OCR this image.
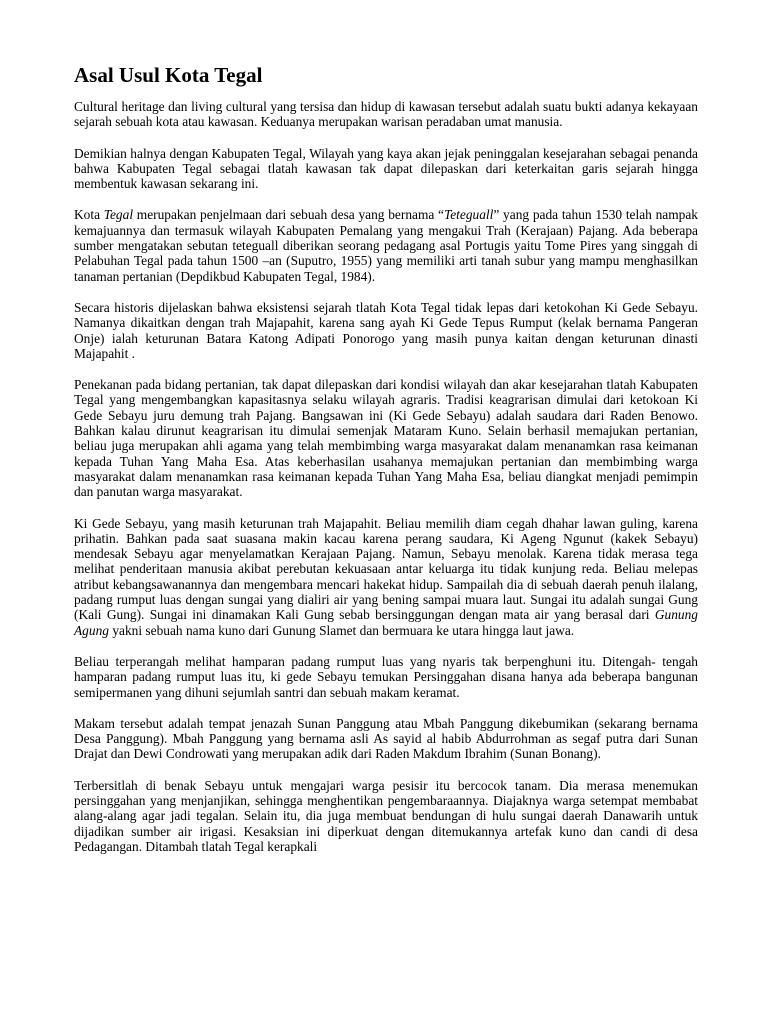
Asal Usul Kota Tegal

Cultural heritage dan living cultural yang tersisa dan hidup di kawasan tersebut adalah suatu bukti adanya kekayaan sejarah sebuah kota atau kawasan. Keduanya merupakan warisan peradaban umat manusia.

Demikian halnya dengan Kabupaten Tegal, Wilayah yang kaya akan jejak peninggalan kesejarahan sebagai penanda bahwa Kabupaten Tegal sebagai tlatah kawasan tak dapat dilepaskan dari keterkaitan garis sejarah hingga membentuk kawasan sekarang ini.

Kota Tegal merupakan penjelmaan dari sebuah desa yang bernama “Teteguall” yang pada tahun 1530 telah nampak kemajuannya dan termasuk wilayah Kabupaten Pemalang yang mengakui Trah (Kerajaan) Pajang. Ada beberapa sumber mengatakan sebutan teteguall diberikan seorang pedagang asal Portugis yaitu Tome Pires yang singgah di Pelabuhan Tegal pada tahun 1500 –an (Suputro, 1955) yang memiliki arti tanah subur yang mampu menghasilkan tanaman pertanian (Depdikbud Kabupaten Tegal, 1984).

Secara historis dijelaskan bahwa eksistensi sejarah tlatah Kota Tegal tidak lepas dari ketokohan Ki Gede Sebayu. Namanya dikaitkan dengan trah Majapahit, karena sang ayah Ki Gede Tepus Rumput (kelak bernama Pangeran Onje) ialah keturunan Batara Katong Adipati Ponorogo yang masih punya kaitan dengan keturunan dinasti Majapahit .

Penekanan pada bidang pertanian, tak dapat dilepaskan dari kondisi wilayah dan akar kesejarahan tlatah Kabupaten Tegal yang mengembangkan kapasitasnya selaku wilayah agraris. Tradisi keagrarisan dimulai dari ketokoan Ki Gede Sebayu juru demung trah Pajang. Bangsawan ini (Ki Gede Sebayu) adalah saudara dari Raden Benowo. Bahkan kalau dirunut keagrarisan itu dimulai semenjak Mataram Kuno. Selain berhasil memajukan pertanian, beliau juga merupakan ahli agama yang telah membimbing warga masyarakat dalam menanamkan rasa keimanan kepada Tuhan Yang Maha Esa. Atas keberhasilan usahanya memajukan pertanian dan membimbing warga masyarakat dalam menanamkan rasa keimanan kepada Tuhan Yang Maha Esa, beliau diangkat menjadi pemimpin dan panutan warga masyarakat.

Ki Gede Sebayu, yang masih keturunan trah Majapahit. Beliau memilih diam cegah dhahar lawan guling, karena prihatin. Bahkan pada saat suasana makin kacau karena perang saudara, Ki Ageng Ngunut (kakek Sebayu) mendesak Sebayu agar menyelamatkan Kerajaan Pajang. Namun, Sebayu menolak. Karena tidak merasa tega melihat penderitaan manusia akibat perebutan kekuasaan antar keluarga itu tidak kunjung reda. Beliau melepas atribut kebangsawanannya dan mengembara mencari hakekat hidup. Sampailah dia di sebuah daerah penuh ilalang, padang rumput luas dengan sungai yang dialiri air yang bening sampai muara laut. Sungai itu adalah sungai Gung (Kali Gung). Sungai ini dinamakan Kali Gung sebab bersinggungan dengan mata air yang berasal dari Gunung Agung yakni sebuah nama kuno dari Gunung Slamet dan bermuara ke utara hingga laut jawa.

Beliau terperangah melihat hamparan padang rumput luas yang nyaris tak berpenghuni itu. Ditengah- tengah hamparan padang rumput luas itu, ki gede Sebayu temukan Persinggahan disana hanya ada beberapa bangunan semipermanen yang dihuni sejumlah santri dan sebuah makam keramat.

Makam tersebut adalah tempat jenazah Sunan Panggung atau Mbah Panggung dikebumikan (sekarang bernama Desa Panggung). Mbah Panggung yang bernama asli As sayid al habib Abdurrohman as segaf putra dari Sunan Drajat dan Dewi Condrowati yang merupakan adik dari Raden Makdum Ibrahim (Sunan Bonang).

Terbersitlah di benak Sebayu untuk mengajari warga pesisir itu bercocok tanam. Dia merasa menemukan persinggahan yang menjanjikan, sehingga menghentikan pengembaraannya. Diajaknya warga setempat membabat alang-alang agar jadi tegalan. Selain itu, dia juga membuat bendungan di hulu sungai daerah Danawarih untuk dijadikan sumber air irigasi. Kesaksian ini diperkuat dengan ditemukannya artefak kuno dan candi di desa Pedagangan. Ditambah tlatah Tegal kerapkali
